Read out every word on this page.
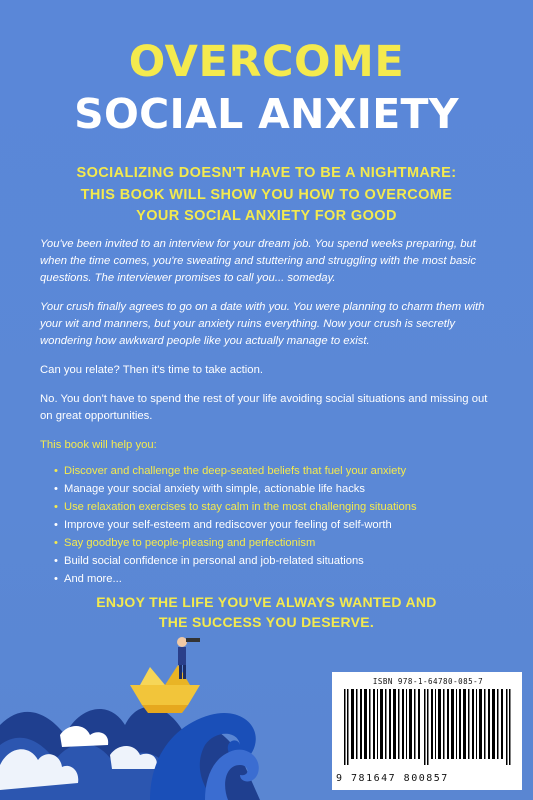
OVERCOME
SOCIAL ANXIETY
SOCIALIZING DOESN'T HAVE TO BE A NIGHTMARE:
THIS BOOK WILL SHOW YOU HOW TO OVERCOME
YOUR SOCIAL ANXIETY FOR GOOD

You've been invited to an interview for your dream job. You spend weeks preparing, but when the time comes, you're sweating and stuttering and struggling with the most basic questions. The interviewer promises to call you... someday.

Your crush finally agrees to go on a date with you. You were planning to charm them with your wit and manners, but your anxiety ruins everything. Now your crush is secretly wondering how awkward people like you actually manage to exist.

Can you relate? Then it's time to take action.

No. You don't have to spend the rest of your life avoiding social situations and missing out on great opportunities.

This book will help you:

• Discover and challenge the deep-seated beliefs that fuel your anxiety
• Manage your social anxiety with simple, actionable life hacks
• Use relaxation exercises to stay calm in the most challenging situations
• Improve your self-esteem and rediscover your feeling of self-worth
• Say goodbye to people-pleasing and perfectionism
• Build social confidence in personal and job-related situations
• And more...
ENJOY THE LIFE YOU'VE ALWAYS WANTED AND
THE SUCCESS YOU DESERVE.
ISBN 978-1-64780-085-7
9 781647 800857
